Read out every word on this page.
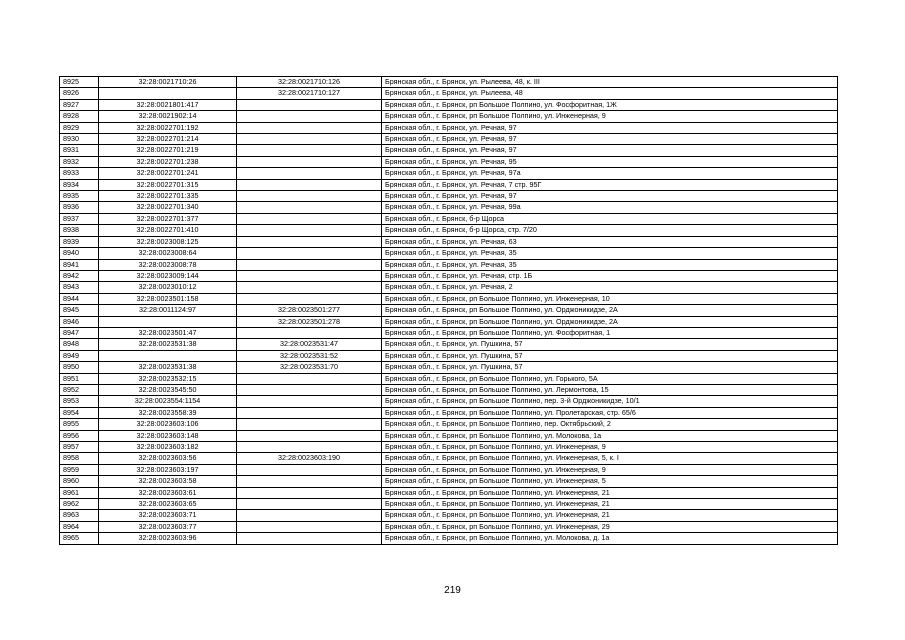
8925	32:28:0021710:26	32:28:0021710:126	Брянская обл., г. Брянск, ул. Рылеева, 48, к. III
8926		32:28:0021710:127	Брянская обл., г. Брянск, ул. Рылеева, 48
8927	32:28:0021801:417		Брянская обл., г. Брянск, рп Большое Полпино, ул. Фосфоритная, 1Ж
8928	32:28:0021902:14		Брянская обл., г. Брянск, рп Большое Полпино, ул. Инженерная, 9
8929	32:28:0022701:192		Брянская обл., г. Брянск, ул. Речная, 97
8930	32:28:0022701:214		Брянская обл., г. Брянск, ул. Речная, 97
8931	32:28:0022701:219		Брянская обл., г. Брянск, ул. Речная, 97
8932	32:28:0022701:238		Брянская обл., г. Брянск, ул. Речная, 95
8933	32:28:0022701:241		Брянская обл., г. Брянск, ул. Речная, 97а
8934	32:28:0022701:315		Брянская обл., г. Брянск, ул. Речная, 7 стр. 95Г
8935	32:28:0022701:335		Брянская обл., г. Брянск, ул. Речная, 97
8936	32:28:0022701:340		Брянская обл., г. Брянск, ул. Речная, 99а
8937	32:28:0022701:377		Брянская обл., г. Брянск, б-р Щорса
8938	32:28:0022701:410		Брянская обл., г. Брянск, б-р Щорса, стр. 7/20
8939	32:28:0023008:125		Брянская обл., г. Брянск, ул. Речная, 63
8940	32:28:0023008:64		Брянская обл., г. Брянск, ул. Речная, 35
8941	32:28:0023008:78		Брянская обл., г. Брянск, ул. Речная, 35
8942	32:28:0023009:144		Брянская обл., г. Брянск, ул. Речная, стр. 1Б
8943	32:28:0023010:12		Брянская обл., г. Брянск, ул. Речная, 2
8944	32:28:0023501:158		Брянская обл., г. Брянск, рп Большое Полпино, ул. Инженерная, 10
8945	32:28:0011124:97	32:28:0023501:277	Брянская обл., г. Брянск, рп Большое Полпино, ул. Орджоникидзе, 2А
8946		32:28:0023501:278	Брянская обл., г. Брянск, рп Большое Полпино, ул. Орджоникидзе, 2А
8947	32:28:0023501:47		Брянская обл., г. Брянск, рп Большое Полпино, ул. Фосфоритная, 1
8948	32:28:0023531:38	32:28:0023531:47	Брянская обл., г. Брянск, ул. Пушкина, 57
8949		32:28:0023531:52	Брянская обл., г. Брянск, ул. Пушкина, 57
8950	32:28:0023531:38	32:28:0023531:70	Брянская обл., г. Брянск, ул. Пушкина, 57
8951	32:28:0023532:15		Брянская обл., г. Брянск, рп Большое Полпино, ул. Горького, 5А
8952	32:28:0023545:50		Брянская обл., г. Брянск, рп Большое Полпино, ул. Лермонтова, 15
8953	32:28:0023554:1154		Брянская обл., г. Брянск, рп Большое Полпино, пер. 3-й Орджоникидзе, 10/1
8954	32:28:0023558:39		Брянская обл., г. Брянск, рп Большое Полпино, ул. Пролетарская, стр. 65/6
8955	32:28:0023603:106		Брянская обл., г. Брянск, рп Большое Полпино, пер. Октябрьский, 2
8956	32:28:0023603:148		Брянская обл., г. Брянск, рп Большое Полпино, ул. Молокова, 1а
8957	32:28:0023603:182		Брянская обл., г. Брянск, рп Большое Полпино, ул. Инженерная, 9
8958	32:28:0023603:56	32:28:0023603:190	Брянская обл., г. Брянск, рп Большое Полпино, ул. Инженерная, 5, к. I
8959	32:28:0023603:197		Брянская обл., г. Брянск, рп Большое Полпино, ул. Инженерная, 9
8960	32:28:0023603:58		Брянская обл., г. Брянск, рп Большое Полпино, ул. Инженерная, 5
8961	32:28:0023603:61		Брянская обл., г. Брянск, рп Большое Полпино, ул. Инженерная, 21
8962	32:28:0023603:65		Брянская обл., г. Брянск, рп Большое Полпино, ул. Инженерная, 21
8963	32:28:0023603:71		Брянская обл., г. Брянск, рп Большое Полпино, ул. Инженерная, 21
8964	32:28:0023603:77		Брянская обл., г. Брянск, рп Большое Полпино, ул. Инженерная, 29
8965	32:28:0023603:96		Брянская обл., г. Брянск, рп Большое Полпино, ул. Молокова, д. 1а
219
